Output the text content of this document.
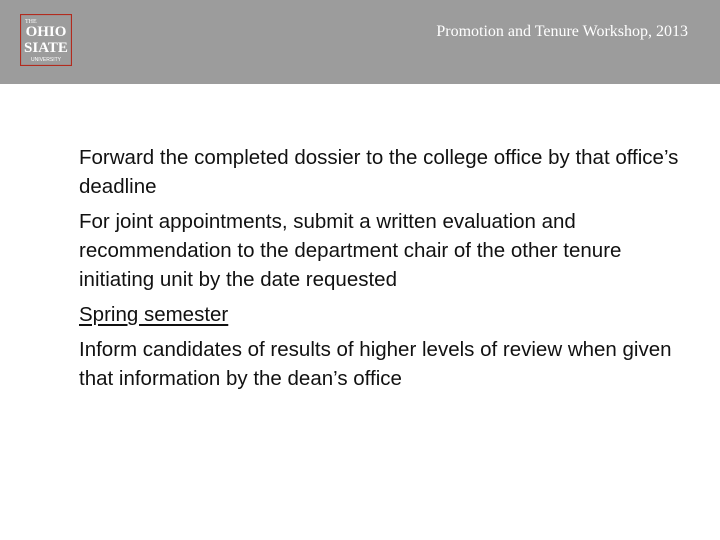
THE
OHIO
SIATE
UNIVERSITY
Promotion and Tenure Workshop, 2013

Forward the completed dossier to the college office by that office’s deadline

For joint appointments, submit a written evaluation and recommendation to the department chair of the other tenure initiating unit by the date requested

Spring semester

Inform candidates of results of higher levels of review when given that information by the dean’s office
